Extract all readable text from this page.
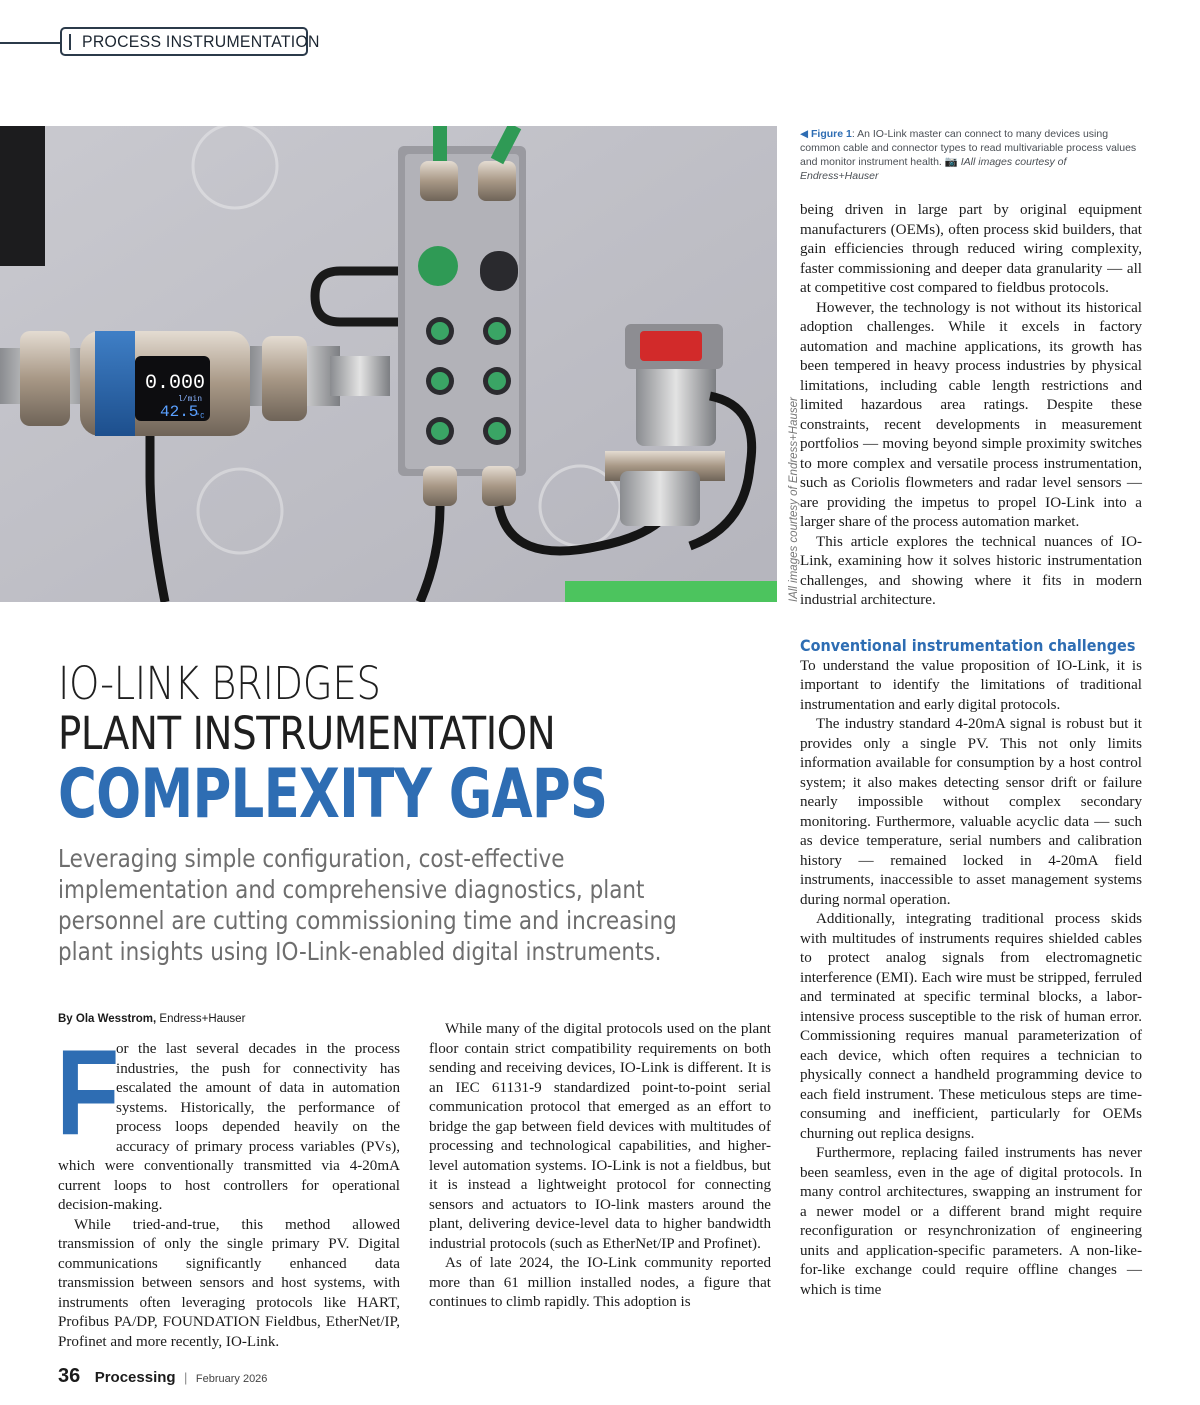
PROCESS INSTRUMENTATION
0.000
l/min
42.5
°C	IAll images courtesy of Endress+Hauser
◀ Figure 1: An IO-Link master can connect to many devices using common cable and connector types to read multivariable process values and monitor instrument health. 📷 IAll images courtesy of Endress+Hauser
IO-LINK BRIDGES
PLANT INSTRUMENTATION
COMPLEXITY GAPS
Leveraging simple configuration, cost-effective implementation and comprehensive diagnostics, plant personnel are cutting commissioning time and increasing plant insights using IO-Link-enabled digital instruments.
By Ola Wesstrom, Endress+Hauser

F
or the last several decades in the process industries, the push for connectivity has escalated the amount of data in automation systems. Historically, the performance of process loops depended heavily on the accuracy of primary process variables (PVs), which were conventionally transmitted via 4-20mA current loops to host controllers for operational decision-making.

While tried-and-true, this method allowed transmission of only the single primary PV. Digital communications significantly enhanced data transmission between sensors and host systems, with instruments often leveraging protocols like HART, Profibus PA/DP, FOUNDATION Fieldbus, EtherNet/IP, Profinet and more recently, IO-Link.

While many of the digital protocols used on the plant floor contain strict compatibility requirements on both sending and receiving devices, IO-Link is different. It is an IEC 61131-9 standardized point-to-point serial communication protocol that emerged as an effort to bridge the gap between field devices with multitudes of processing and technological capabilities, and higher-level automation systems. IO-Link is not a fieldbus, but it is instead a lightweight protocol for connecting sensors and actuators to IO-link masters around the plant, delivering device-level data to higher bandwidth industrial protocols (such as EtherNet/IP and Profinet).

As of late 2024, the IO-Link community reported more than 61 million installed nodes, a figure that continues to climb rapidly. This adoption is

being driven in large part by original equipment manufacturers (OEMs), often process skid builders, that gain efficiencies through reduced wiring complexity, faster commissioning and deeper data granularity — all at competitive cost compared to fieldbus protocols.

However, the technology is not without its historical adoption challenges. While it excels in factory automation and machine applications, its growth has been tempered in heavy process industries by physical limitations, including cable length restrictions and limited hazardous area ratings. Despite these constraints, recent developments in measurement portfolios — moving beyond simple proximity switches to more complex and versatile process instrumentation, such as Coriolis flowmeters and radar level sensors — are providing the impetus to propel IO-Link into a larger share of the process automation market.

This article explores the technical nuances of IO-Link, examining how it solves historic instrumentation challenges, and showing where it fits in modern industrial architecture.

Conventional instrumentation challenges

To understand the value proposition of IO-Link, it is important to identify the limitations of traditional instrumentation and early digital protocols.

The industry standard 4-20mA signal is robust but it provides only a single PV. This not only limits information available for consumption by a host control system; it also makes detecting sensor drift or failure nearly impossible without complex secondary monitoring. Furthermore, valuable acyclic data — such as device temperature, serial numbers and calibration history — remained locked in 4-20mA field instruments, inaccessible to asset management systems during normal operation.

Additionally, integrating traditional process skids with multitudes of instruments requires shielded cables to protect analog signals from electromagnetic interference (EMI). Each wire must be stripped, ferruled and terminated at specific terminal blocks, a labor-intensive process susceptible to the risk of human error. Commissioning requires manual parameterization of each device, which often requires a technician to physically connect a handheld programming device to each field instrument. These meticulous steps are time-consuming and inefficient, particularly for OEMs churning out replica designs.

Furthermore, replacing failed instruments has never been seamless, even in the age of digital protocols. In many control architectures, swapping an instrument for a newer model or a different brand might require reconfiguration or resynchronization of engineering units and application-specific parameters. A non-like-for-like exchange could require offline changes — which is time

36 Processing | February 2026
